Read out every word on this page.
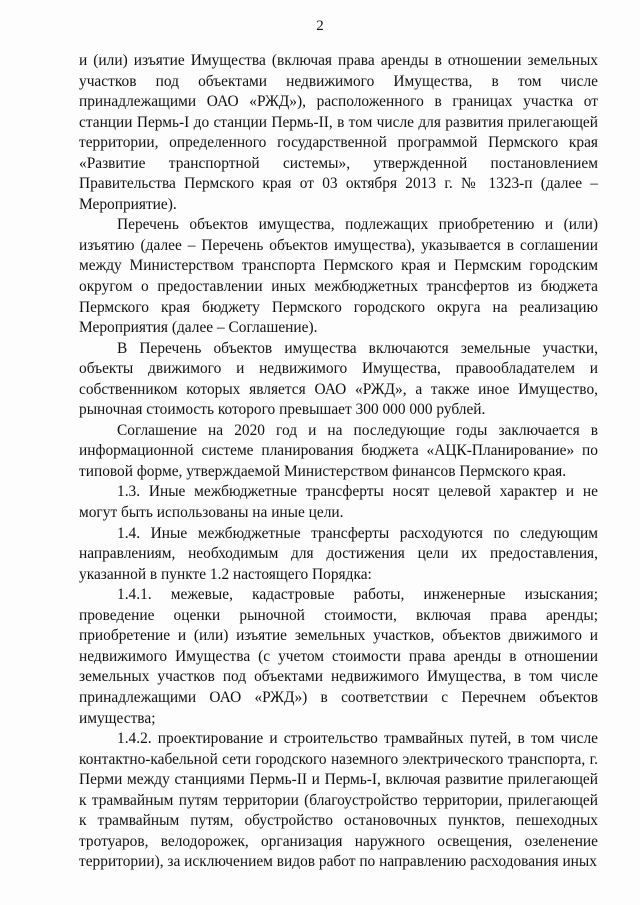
2

и (или) изъятие Имущества (включая права аренды в отношении земельных участков под объектами недвижимого Имущества, в том числе принадлежащими ОАО «РЖД»), расположенного в границах участка от станции Пермь-I до станции Пермь-II, в том числе для развития прилегающей территории, определенного государственной программой Пермского края «Развитие транспортной системы», утвержденной постановлением Правительства Пермского края от 03 октября 2013 г. № 1323-п (далее – Мероприятие).

Перечень объектов имущества, подлежащих приобретению и (или) изъятию (далее – Перечень объектов имущества), указывается в соглашении между Министерством транспорта Пермского края и Пермским городским округом о предоставлении иных межбюджетных трансфертов из бюджета Пермского края бюджету Пермского городского округа на реализацию Мероприятия (далее – Соглашение).

В Перечень объектов имущества включаются земельные участки, объекты движимого и недвижимого Имущества, правообладателем и собственником которых является ОАО «РЖД», а также иное Имущество, рыночная стоимость которого превышает 300 000 000 рублей.

Соглашение на 2020 год и на последующие годы заключается в информационной системе планирования бюджета «АЦК-Планирование» по типовой форме, утверждаемой Министерством финансов Пермского края.

1.3. Иные межбюджетные трансферты носят целевой характер и не могут быть использованы на иные цели.

1.4. Иные межбюджетные трансферты расходуются по следующим направлениям, необходимым для достижения цели их предоставления, указанной в пункте 1.2 настоящего Порядка:

1.4.1. межевые, кадастровые работы, инженерные изыскания; проведение оценки рыночной стоимости, включая права аренды; приобретение и (или) изъятие земельных участков, объектов движимого и недвижимого Имущества (с учетом стоимости права аренды в отношении земельных участков под объектами недвижимого Имущества, в том числе принадлежащими ОАО «РЖД») в соответствии с Перечнем объектов имущества;

1.4.2. проектирование и строительство трамвайных путей, в том числе контактно-кабельной сети городского наземного электрического транспорта, г. Перми между станциями Пермь-II и Пермь-I, включая развитие прилегающей к трамвайным путям территории (благоустройство территории, прилегающей к трамвайным путям, обустройство остановочных пунктов, пешеходных тротуаров, велодорожек, организация наружного освещения, озеленение территории), за исключением видов работ по направлению расходования иных
